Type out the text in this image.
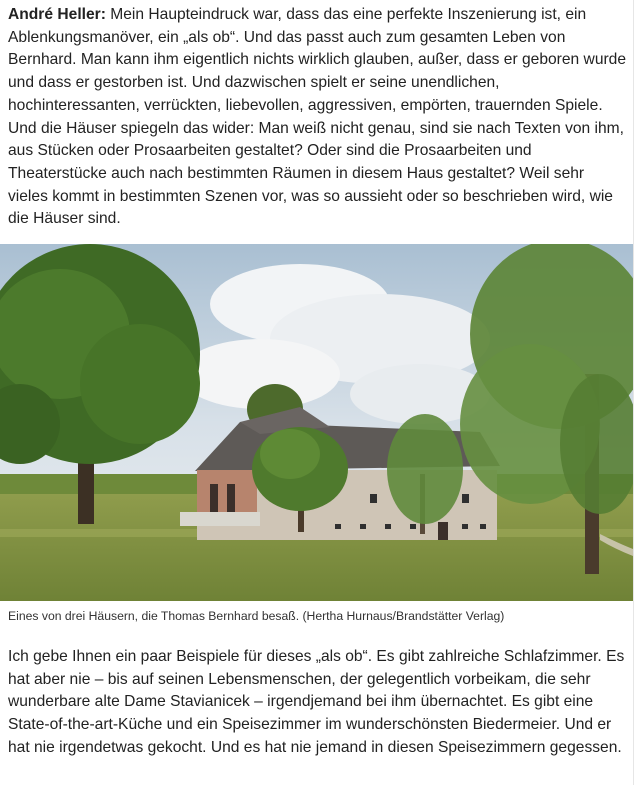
André Heller: Mein Haupteindruck war, dass das eine perfekte Inszenierung ist, ein Ablenkungsmanöver, ein „als ob“. Und das passt auch zum gesamten Leben von Bernhard. Man kann ihm eigentlich nichts wirklich glauben, außer, dass er geboren wurde und dass er gestorben ist. Und dazwischen spielt er seine unendlichen, hochinteressanten, verrückten, liebevollen, aggressiven, empörten, trauernden Spiele. Und die Häuser spiegeln das wider: Man weiß nicht genau, sind sie nach Texten von ihm, aus Stücken oder Prosaarbeiten gestaltet? Oder sind die Prosaarbeiten und Theaterstücke auch nach bestimmten Räumen in diesem Haus gestaltet? Weil sehr vieles kommt in bestimmten Szenen vor, was so aussieht oder so beschrieben wird, wie die Häuser sind.

Eines von drei Häusern, die Thomas Bernhard besaß. (Hertha Hurnaus/Brandstätter Verlag)

Ich gebe Ihnen ein paar Beispiele für dieses „als ob“. Es gibt zahlreiche Schlafzimmer. Es hat aber nie – bis auf seinen Lebensmenschen, der gelegentlich vorbeikam, die sehr wunderbare alte Dame Stavianicek – irgendjemand bei ihm übernachtet. Es gibt eine State-of-the-art-Küche und ein Speisezimmer im wunderschönsten Biedermeier. Und er hat nie irgendetwas gekocht. Und es hat nie jemand in diesen Speisezimmern gegessen.
